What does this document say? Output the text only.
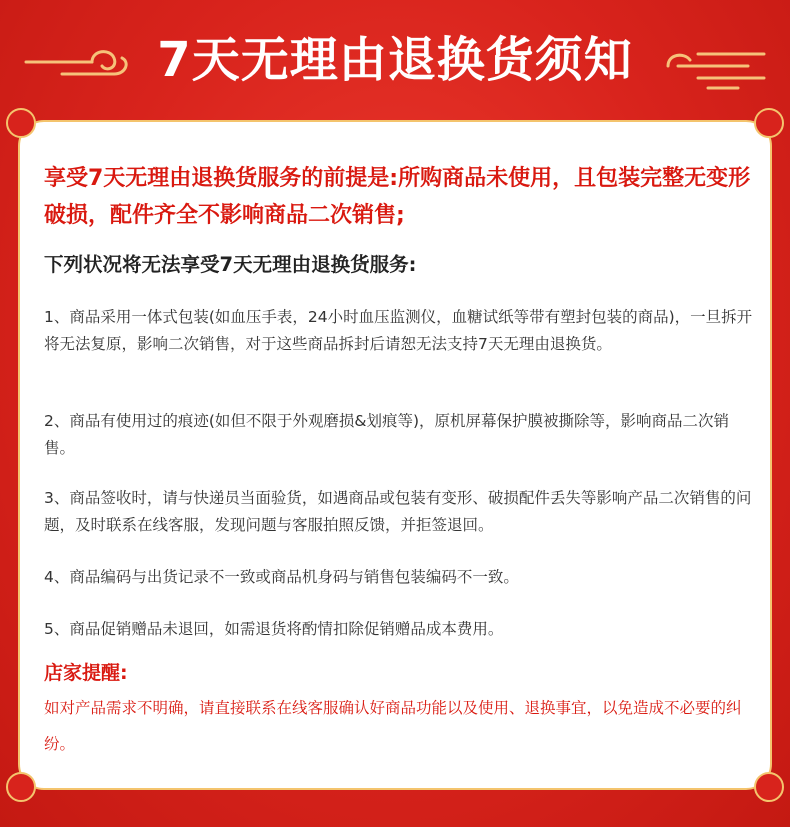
7天无理由退换货须知
享受7天无理由退换货服务的前提是:所购商品未使用，且包装完整无变形破损，配件齐全不影响商品二次销售;
下列状况将无法享受7天无理由退换货服务:
1、商品采用一体式包装(如血压手表，24小时血压监测仪，血糖试纸等带有塑封包装的商品)，一旦拆开将无法复原，影响二次销售，对于这些商品拆封后请恕无法支持7天无理由退换货。
2、商品有使用过的痕迹(如但不限于外观磨损&划痕等)，原机屏幕保护膜被撕除等，影响商品二次销售。
3、商品签收时，请与快递员当面验货，如遇商品或包装有变形、破损配件丢失等影响产品二次销售的问题，及时联系在线客服，发现问题与客服拍照反馈，并拒签退回。
4、商品编码与出货记录不一致或商品机身码与销售包装编码不一致。
5、商品促销赠品未退回，如需退货将酌情扣除促销赠品成本费用。
店家提醒:
如对产品需求不明确，请直接联系在线客服确认好商品功能以及使用、退换事宜，以免造成不必要的纠纷。
